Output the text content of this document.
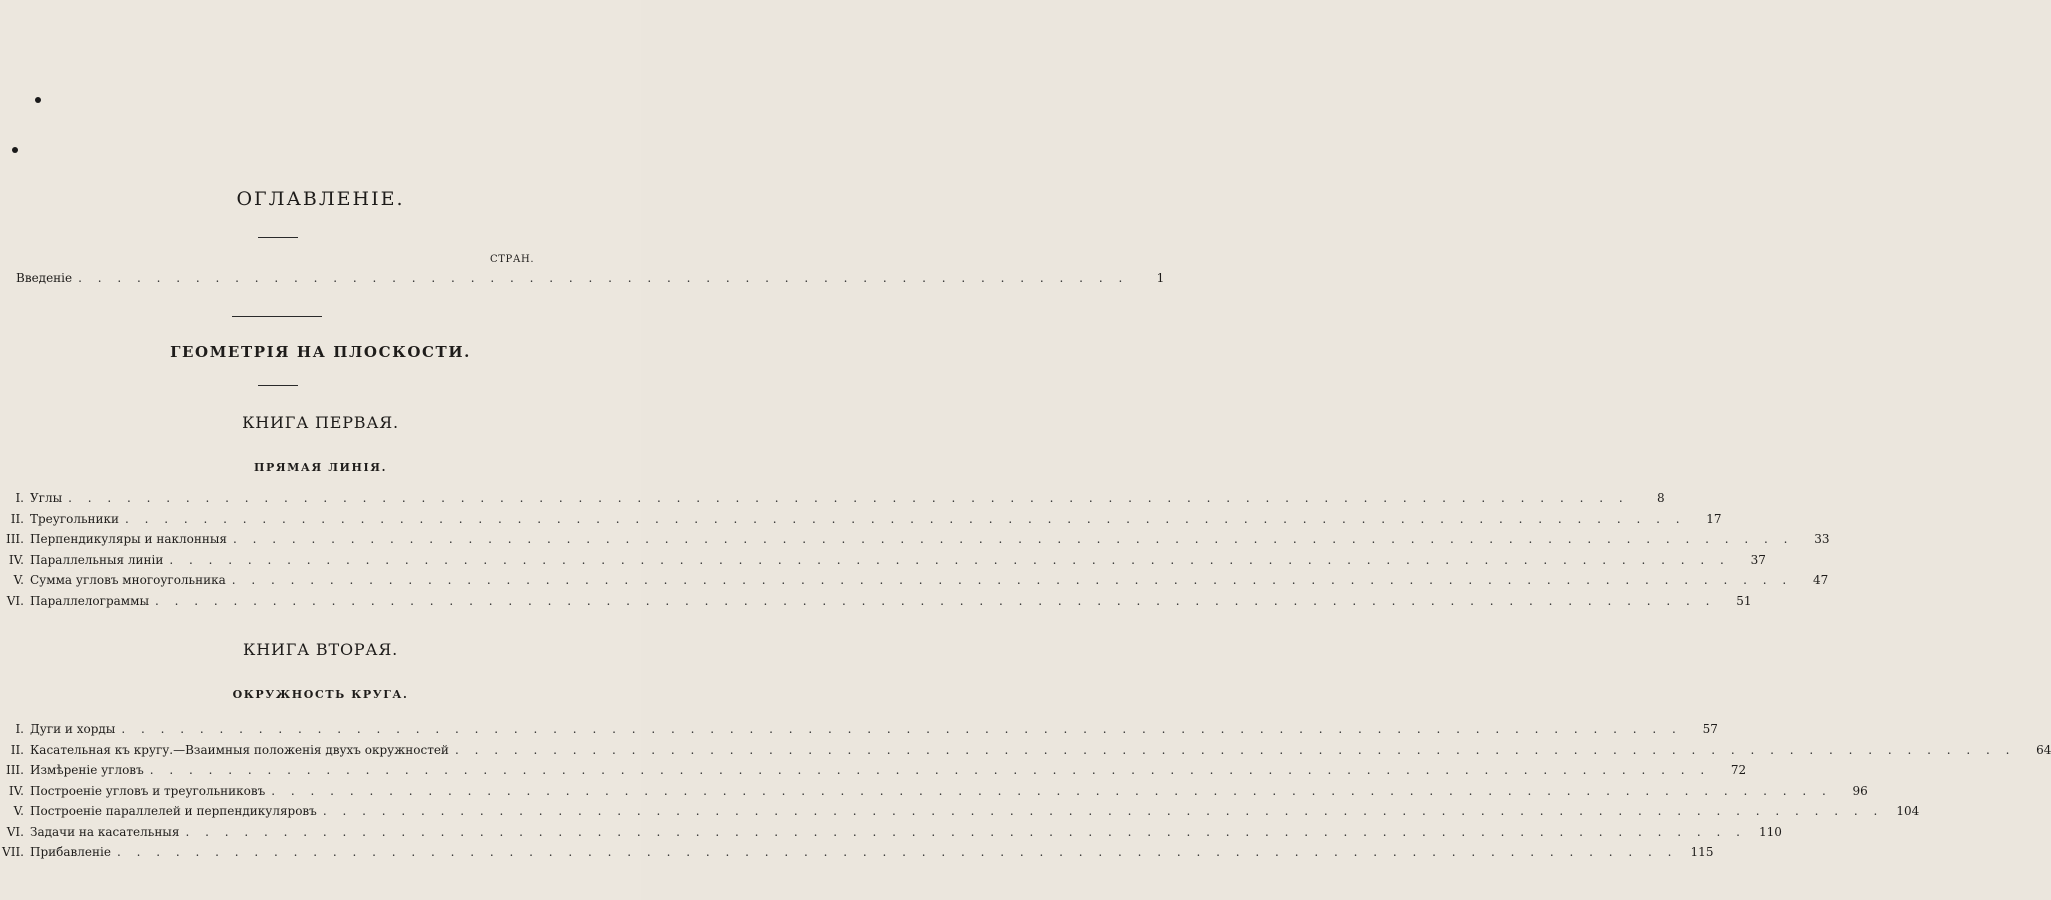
ОГЛАВЛЕНІЕ.
СТРАН.
Введеніе . . . . . . . . . . . . . . . . . . . . . . . . . . . . . . . . . . . . . . . . . . . . . . . . . . . . . .	1
ГЕОМЕТРІЯ НА ПЛОСКОСТИ.
КНИГА ПЕРВАЯ.
ПРЯМАЯ ЛИНІЯ.
I. Углы . . . . . . . . . . . . . . . . . . . . . . . . . . . . . . . . . . . . . . . . . . . . . . . . . . . . . . . . . . . . . . . . . . . . . . . . . . . . . . . .	8
II. Треугольники . . . . . . . . . . . . . . . . . . . . . . . . . . . . . . . . . . . . . . . . . . . . . . . . . . . . . . . . . . . . . . . . . . . . . . . . . . . . . . . .	17
III. Перпендикуляры и наклонныя . . . . . . . . . . . . . . . . . . . . . . . . . . . . . . . . . . . . . . . . . . . . . . . . . . . . . . . . . . . . . . . . . . . . . . . . . . . . . . . .	33
IV. Параллельныя линіи . . . . . . . . . . . . . . . . . . . . . . . . . . . . . . . . . . . . . . . . . . . . . . . . . . . . . . . . . . . . . . . . . . . . . . . . . . . . . . . .	37
V. Сумма угловъ многоугольника . . . . . . . . . . . . . . . . . . . . . . . . . . . . . . . . . . . . . . . . . . . . . . . . . . . . . . . . . . . . . . . . . . . . . . . . . . . . . . . .	47
VI. Параллелограммы . . . . . . . . . . . . . . . . . . . . . . . . . . . . . . . . . . . . . . . . . . . . . . . . . . . . . . . . . . . . . . . . . . . . . . . . . . . . . . . .	51
КНИГА ВТОРАЯ.
ОКРУЖНОСТЬ КРУГА.
I. Дуги и хорды . . . . . . . . . . . . . . . . . . . . . . . . . . . . . . . . . . . . . . . . . . . . . . . . . . . . . . . . . . . . . . . . . . . . . . . . . . . . . . . .	57
II. Касательная къ кругу.—Взаимныя положенія двухъ окружностей . . . . . . . . . . . . . . . . . . . . . . . . . . . . . . . . . . . . . . . . . . . . . . . . . . . . . . . . . . . . . . . . . . . . . . . . . . . . . . . .	64
III. Измѣреніе угловъ . . . . . . . . . . . . . . . . . . . . . . . . . . . . . . . . . . . . . . . . . . . . . . . . . . . . . . . . . . . . . . . . . . . . . . . . . . . . . . . .	72
IV. Построеніе угловъ и треугольниковъ . . . . . . . . . . . . . . . . . . . . . . . . . . . . . . . . . . . . . . . . . . . . . . . . . . . . . . . . . . . . . . . . . . . . . . . . . . . . . . . .	96
V. Построеніе параллелей и перпендикуляровъ . . . . . . . . . . . . . . . . . . . . . . . . . . . . . . . . . . . . . . . . . . . . . . . . . . . . . . . . . . . . . . . . . . . . . . . . . . . . . . . .	104
VI. Задачи на касательныя . . . . . . . . . . . . . . . . . . . . . . . . . . . . . . . . . . . . . . . . . . . . . . . . . . . . . . . . . . . . . . . . . . . . . . . . . . . . . . . .	110
VII. Прибавленіе . . . . . . . . . . . . . . . . . . . . . . . . . . . . . . . . . . . . . . . . . . . . . . . . . . . . . . . . . . . . . . . . . . . . . . . . . . . . . . . .	115
